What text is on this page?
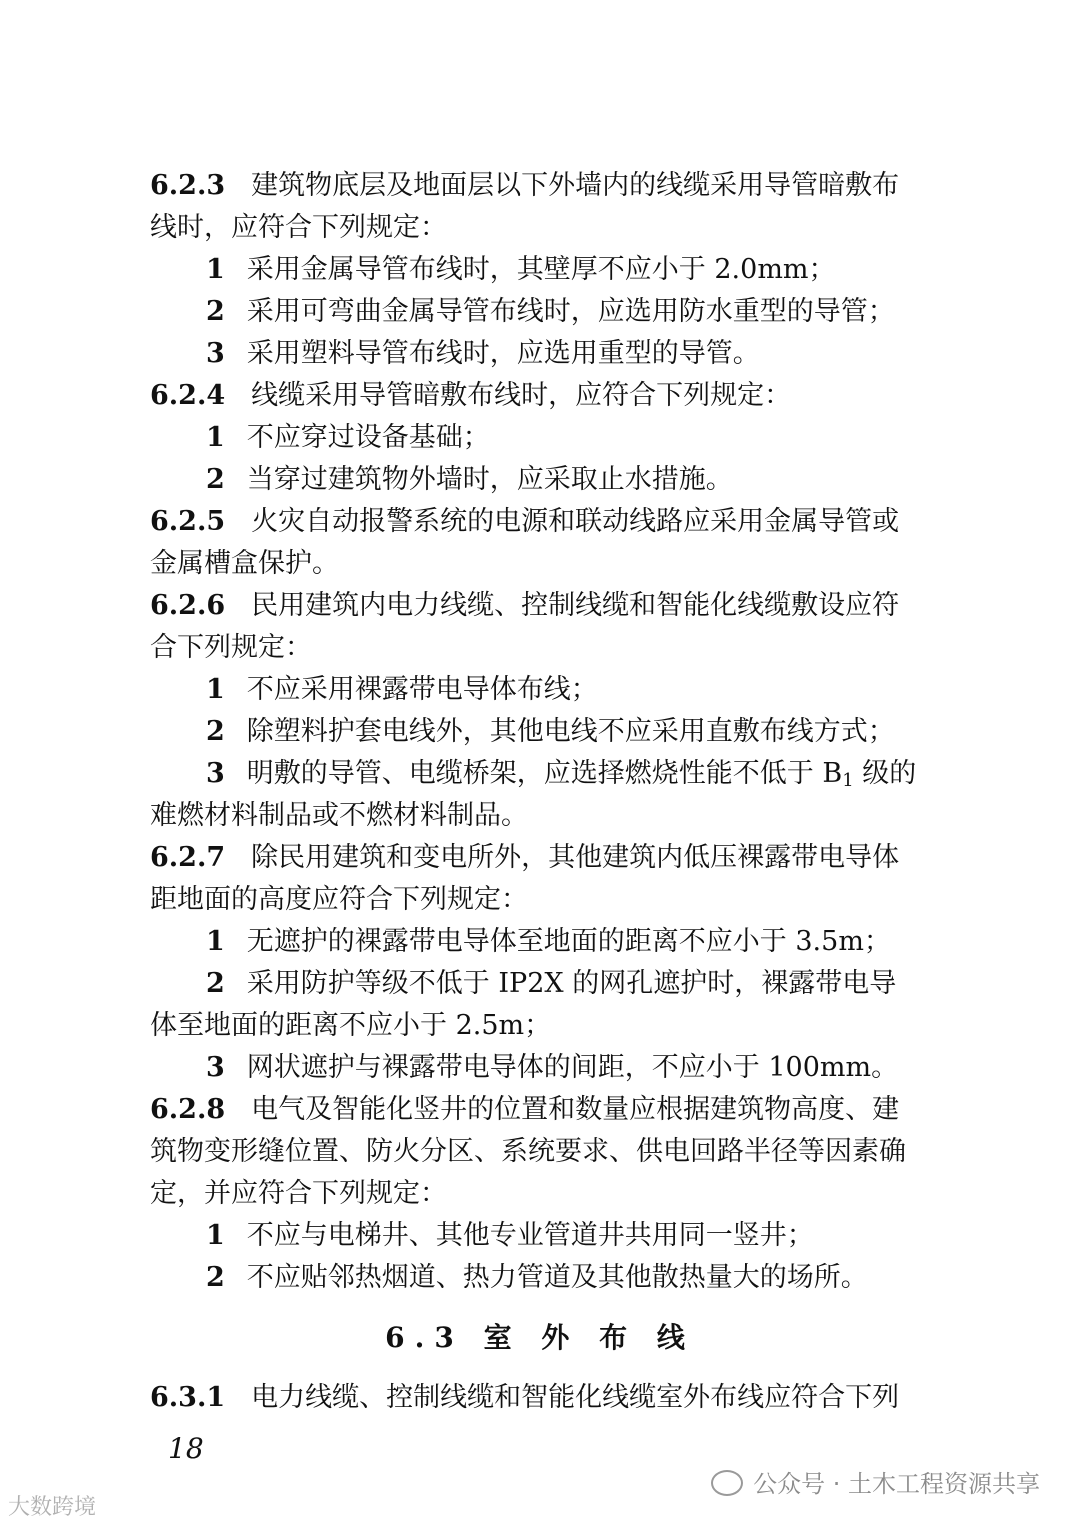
6.2.3 建筑物底层及地面层以下外墙内的线缆采用导管暗敷布
线时，应符合下列规定：
1 采用金属导管布线时，其壁厚不应小于 2.0mm；
2 采用可弯曲金属导管布线时，应选用防水重型的导管；
3 采用塑料导管布线时，应选用重型的导管。
6.2.4 线缆采用导管暗敷布线时，应符合下列规定：
1 不应穿过设备基础；
2 当穿过建筑物外墙时，应采取止水措施。
6.2.5 火灾自动报警系统的电源和联动线路应采用金属导管或
金属槽盒保护。
6.2.6 民用建筑内电力线缆、控制线缆和智能化线缆敷设应符
合下列规定：
1 不应采用裸露带电导体布线；
2 除塑料护套电线外，其他电线不应采用直敷布线方式；
3 明敷的导管、电缆桥架，应选择燃烧性能不低于 $B_1$ 级的
难燃材料制品或不燃材料制品。
6.2.7 除民用建筑和变电所外，其他建筑内低压裸露带电导体
距地面的高度应符合下列规定：
1 无遮护的裸露带电导体至地面的距离不应小于 3.5m；
2 采用防护等级不低于 IP2X 的网孔遮护时，裸露带电导
体至地面的距离不应小于 2.5m；
3 网状遮护与裸露带电导体的间距，不应小于 100mm。
6.2.8 电气及智能化竖井的位置和数量应根据建筑物高度、建
筑物变形缝位置、防火分区、系统要求、供电回路半径等因素确
定，并应符合下列规定：
1 不应与电梯井、其他专业管道井共用同一竖井；
2 不应贴邻热烟道、热力管道及其他散热量大的场所。
6.3 室 外 布 线
6.3.1 电力线缆、控制线缆和智能化线缆室外布线应符合下列
18
公众号 · 土木工程资源共享
大数跨境
